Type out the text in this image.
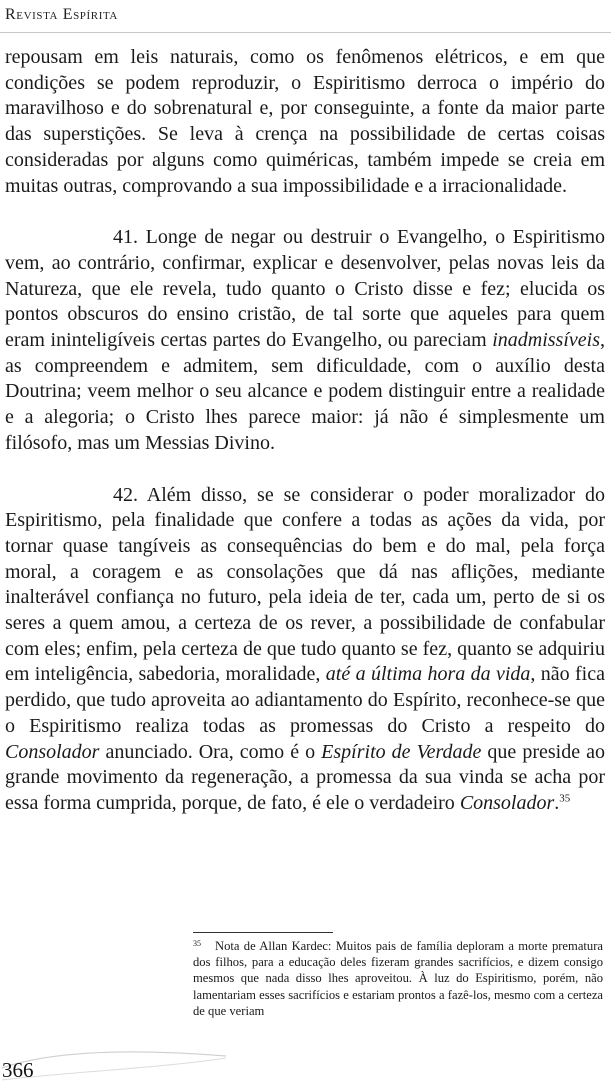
Revista Espírita

repousam em leis naturais, como os fenômenos elétricos, e em que condições se podem reproduzir, o Espiritismo derroca o império do maravilhoso e do sobrenatural e, por conseguinte, a fonte da maior parte das superstições. Se leva à crença na possibilidade de certas coisas consideradas por alguns como quiméricas, também impede se creia em muitas outras, comprovando a sua impossibilidade e a irracionalidade.

41. Longe de negar ou destruir o Evangelho, o Espiritismo vem, ao contrário, confirmar, explicar e desenvolver, pelas novas leis da Natureza, que ele revela, tudo quanto o Cristo disse e fez; elucida os pontos obscuros do ensino cristão, de tal sorte que aqueles para quem eram ininteligíveis certas partes do Evangelho, ou pareciam inadmissíveis, as compreendem e admitem, sem dificuldade, com o auxílio desta Doutrina; veem melhor o seu alcance e podem distinguir entre a realidade e a alegoria; o Cristo lhes parece maior: já não é simplesmente um filósofo, mas um Messias Divino.

42. Além disso, se se considerar o poder moralizador do Espiritismo, pela finalidade que confere a todas as ações da vida, por tornar quase tangíveis as consequências do bem e do mal, pela força moral, a coragem e as consolações que dá nas aflições, mediante inalterável confiança no futuro, pela ideia de ter, cada um, perto de si os seres a quem amou, a certeza de os rever, a possibilidade de confabular com eles; enfim, pela certeza de que tudo quanto se fez, quanto se adquiriu em inteligência, sabedoria, moralidade, até a última hora da vida, não fica perdido, que tudo aproveita ao adiantamento do Espírito, reconhece-se que o Espiritismo realiza todas as promessas do Cristo a respeito do Consolador anunciado. Ora, como é o Espírito de Verdade que preside ao grande movimento da regeneração, a promessa da sua vinda se acha por essa forma cumprida, porque, de fato, é ele o verdadeiro Consolador.$^{35}$

35 Nota de Allan Kardec: Muitos pais de família deploram a morte prematura dos filhos, para a educação deles fizeram grandes sacrifícios, e dizem consigo mesmos que nada disso lhes aproveitou. À luz do Espiritismo, porém, não lamentariam esses sacrifícios e estariam prontos a fazê-los, mesmo com a certeza de que veriam
366
